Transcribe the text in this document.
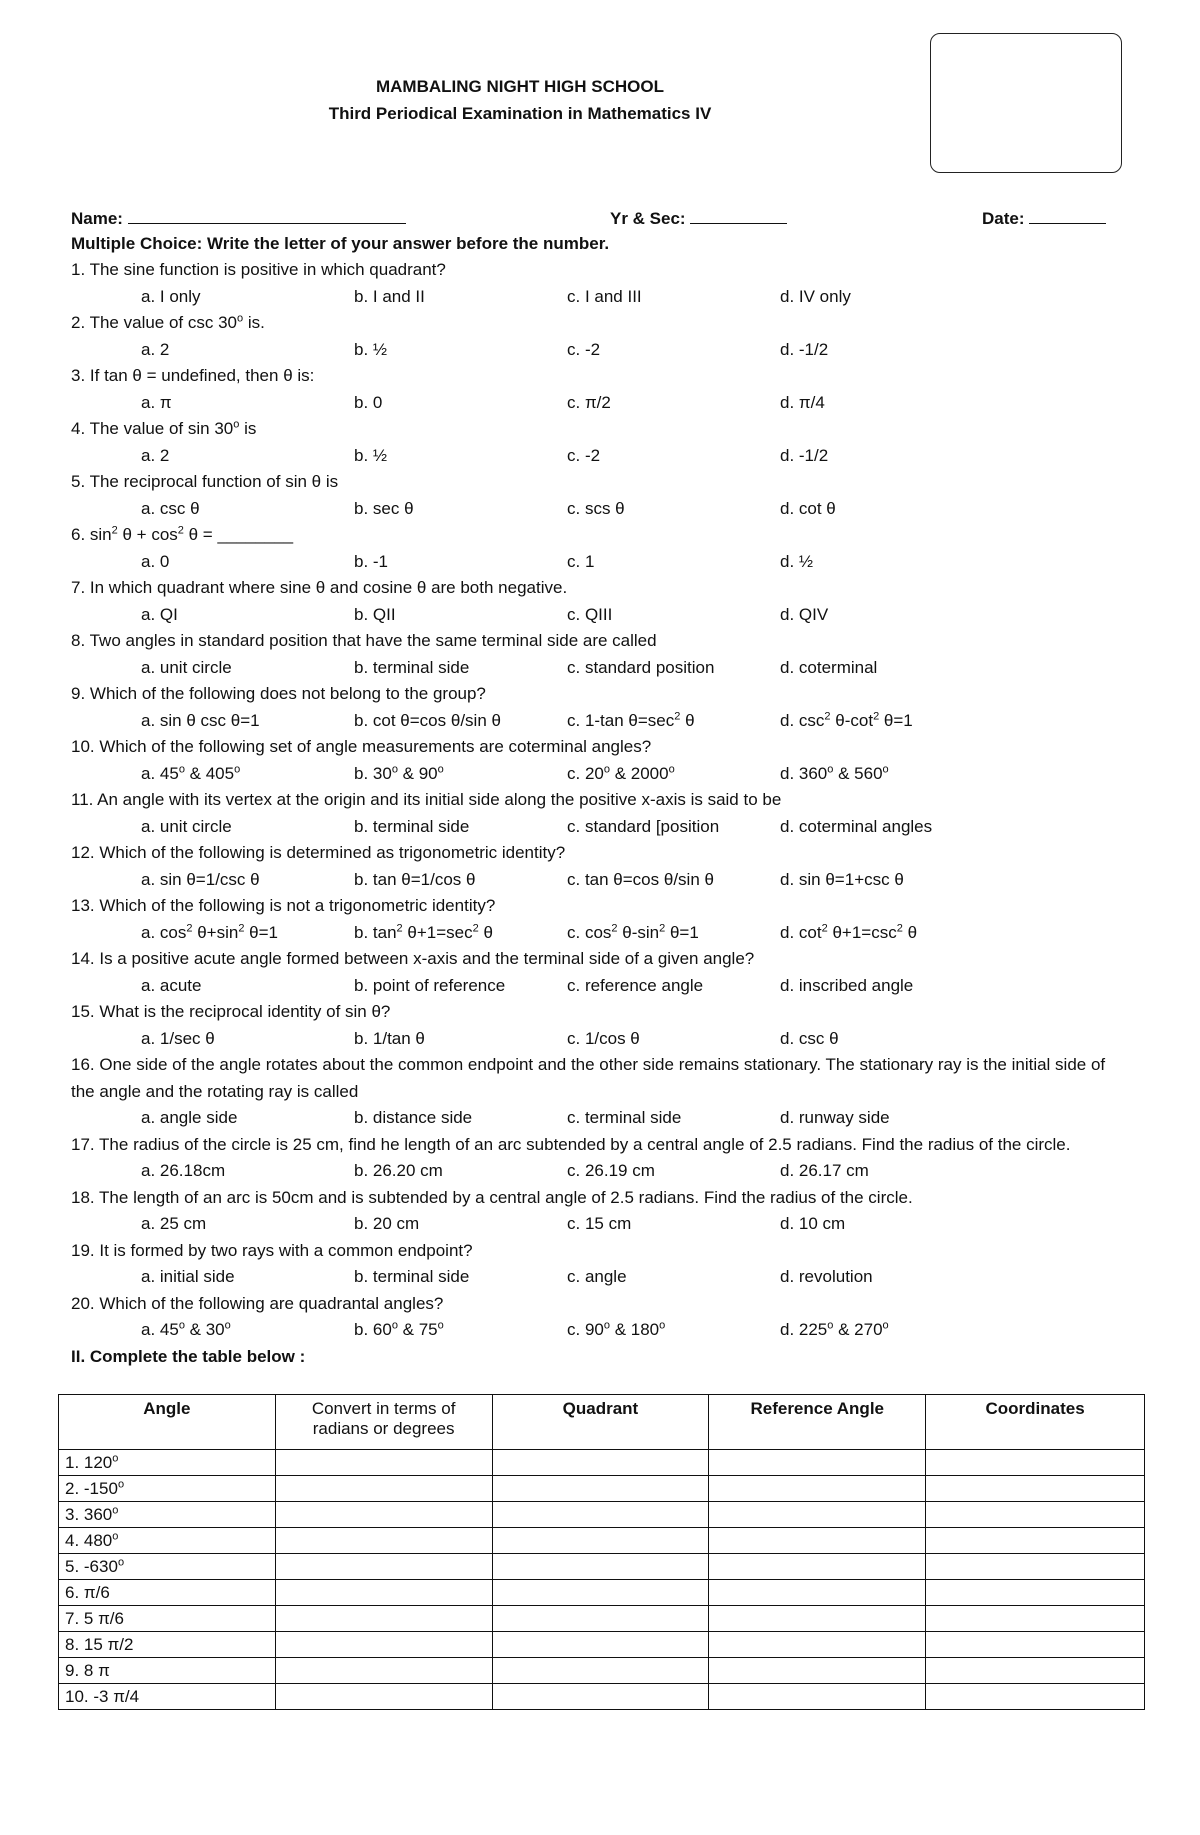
MAMBALING NIGHT HIGH SCHOOL
Third Periodical Examination in Mathematics IV
Name:	Yr & Sec:	Date:
Multiple Choice: Write the letter of your answer before the number.
1. The sine function is positive in which quadrant?
a. I only	b. I and II	c. I and III	d. IV only
2. The value of csc 30$^o$ is.
a. 2	b. ½	c. -2	d. -1/2
3. If tan θ = undefined, then θ is:
a. π	b. 0	c. π/2	d. π/4
4. The value of sin 30$^o$ is
a. 2	b. ½	c. -2	d. -1/2
5. The reciprocal function of sin θ is
a. csc θ	b. sec θ	c. scs θ	d. cot θ
6. $\sin^2 \theta + \cos^2 \theta$ = ________
a. 0	b. -1	c. 1	d. ½
7. In which quadrant where sine θ and cosine θ are both negative.
a. QI	b. QII	c. QIII	d. QIV
8. Two angles in standard position that have the same terminal side are called
a. unit circle	b. terminal side	c. standard position	d. coterminal
9. Which of the following does not belong to the group?
a. sin θ csc θ=1	b. cot θ=cos θ/sin θ	c. 1-tan $\theta=\sec^2$ θ	d. $\csc^2 \theta-\cot^2$ θ=1
10. Which of the following set of angle measurements are coterminal angles?
a. 45$^o$ & 405$^o$	b. 30$^o$ & 90$^o$	c. 20$^o$ & 2000$^o$	d. 360$^o$ & 560$^o$
11. An angle with its vertex at the origin and its initial side along the positive x-axis is said to be
a. unit circle	b. terminal side	c. standard [position	d. coterminal angles
12. Which of the following is determined as trigonometric identity?
a. sin θ=1/csc θ	b. tan θ=1/cos θ	c. tan θ=cos θ/sin θ	d. sin θ=1+csc θ
13. Which of the following is not a trigonometric identity?
a. $\cos^2 \theta+\sin^2$ θ=1	b. $\tan^2 \theta+1=\sec^2$ θ	c. $\cos^2 \theta-\sin^2$ θ=1	d. $\cot^2 \theta+1=\csc^2$ θ
14. Is a positive acute angle formed between x-axis and the terminal side of a given angle?
a. acute	b. point of reference	c. reference angle	d. inscribed angle
15. What is the reciprocal identity of sin θ?
a. 1/sec θ	b. 1/tan θ	c. 1/cos θ	d. csc θ
16. One side of the angle rotates about the common endpoint and the other side remains stationary. The stationary ray is the initial side of the angle and the rotating ray is called
a. angle side	b. distance side	c. terminal side	d. runway side
17. The radius of the circle is 25 cm, find he length of an arc subtended by a central angle of 2.5 radians. Find the radius of the circle.
a. 26.18cm	b. 26.20 cm	c. 26.19 cm	d. 26.17 cm
18. The length of an arc is 50cm and is subtended by a central angle of 2.5 radians. Find the radius of the circle.
a. 25 cm	b. 20 cm	c. 15 cm	d. 10 cm
19. It is formed by two rays with a common endpoint?
a. initial side	b. terminal side	c. angle	d. revolution
20. Which of the following are quadrantal angles?
a. 45$^o$ & 30$^o$	b. 60$^o$ & 75$^o$	c. 90$^o$ & 180$^o$	d. 225$^o$ & 270$^o$
II. Complete the table below :
Angle	Convert in terms of radians or degrees	Quadrant	Reference Angle	Coordinates
1. 120$^o$				
2. -150$^o$				
3. 360$^o$				
4. 480$^o$				
5. -630$^o$				
6. π/6				
7. 5 π/6				
8. 15 π/2				
9. 8 π				
10. -3 π/4				
